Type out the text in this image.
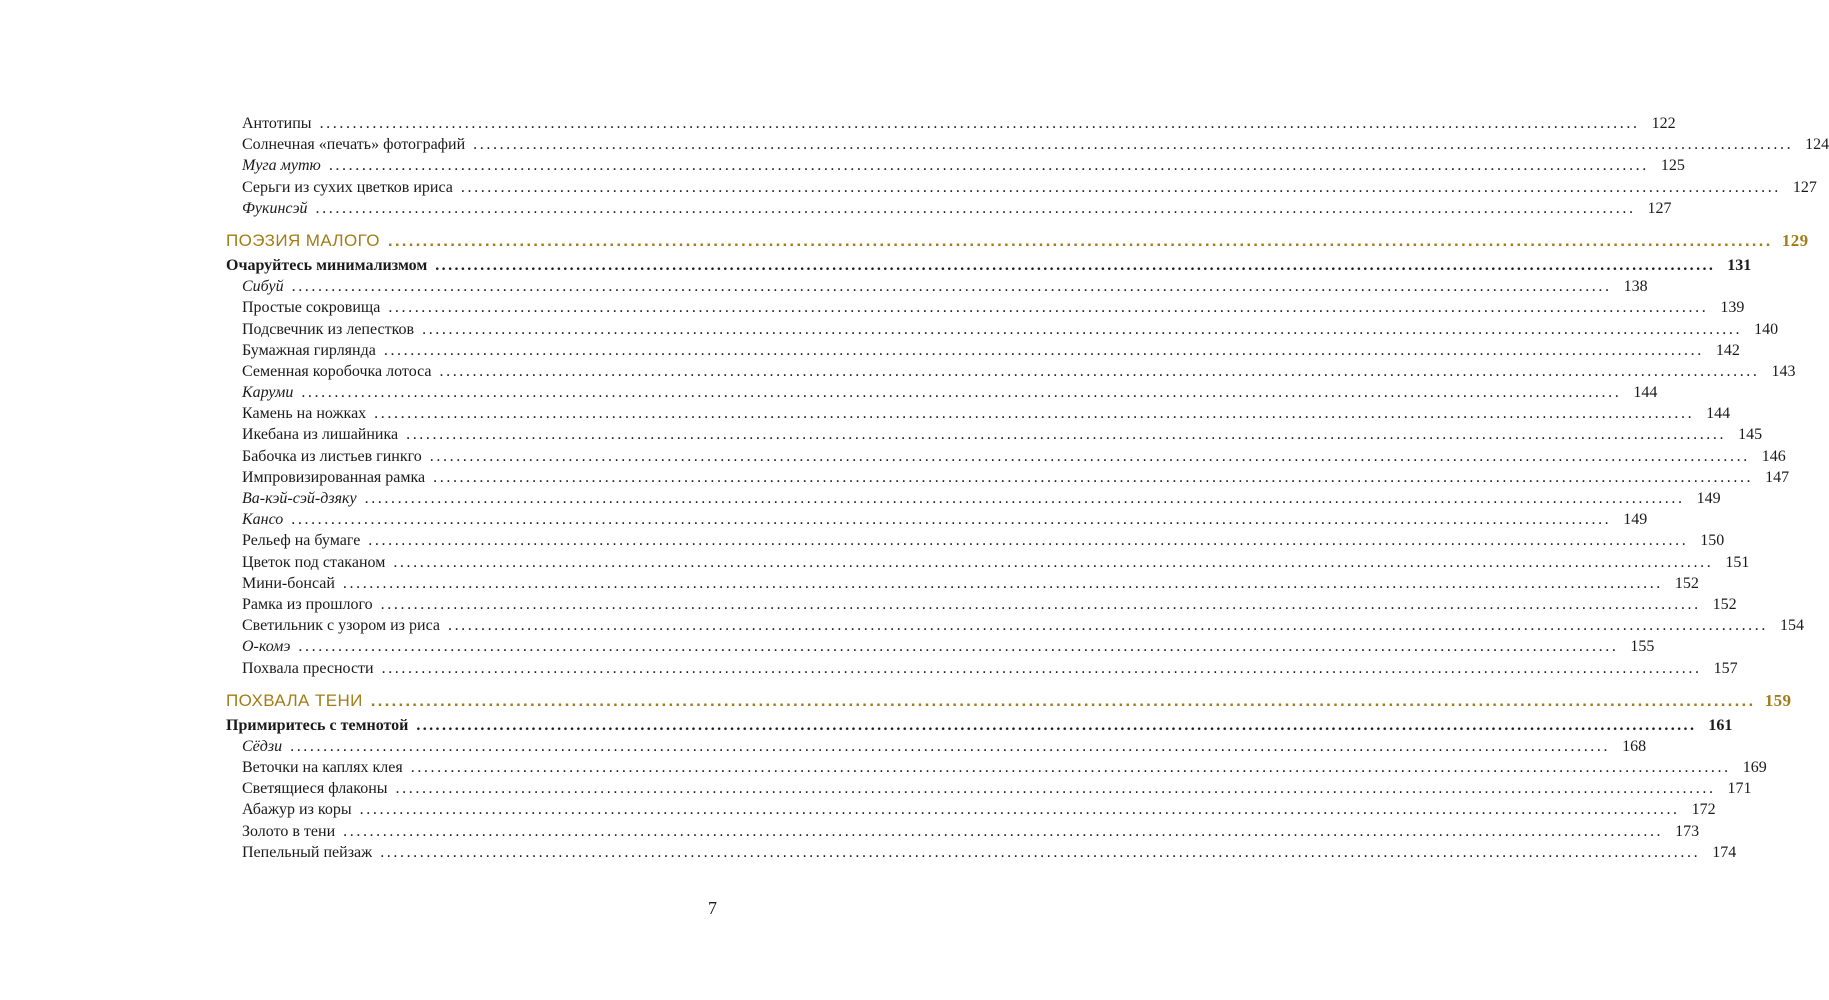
Антотипы ........................................................................................................................................................................................................ 122
Солнечная «печать» фотографий ........................................................................................................................................................................................................ 124
Муга мутю ........................................................................................................................................................................................................ 125
Серьги из сухих цветков ириса ........................................................................................................................................................................................................ 127
Фукинсэй ........................................................................................................................................................................................................ 127
ПОЭЗИЯ МАЛОГО ........................................................................................................................................................................................................ 129
Очаруйтесь минимализмом ........................................................................................................................................................................................................ 131
Сибуй ........................................................................................................................................................................................................ 138
Простые сокровища ........................................................................................................................................................................................................ 139
Подсвечник из лепестков ........................................................................................................................................................................................................ 140
Бумажная гирлянда ........................................................................................................................................................................................................ 142
Семенная коробочка лотоса ........................................................................................................................................................................................................ 143
Каруми ........................................................................................................................................................................................................ 144
Камень на ножках ........................................................................................................................................................................................................ 144
Икебана из лишайника ........................................................................................................................................................................................................ 145
Бабочка из листьев гинкго ........................................................................................................................................................................................................ 146
Импровизированная рамка ........................................................................................................................................................................................................ 147
Ва-кэй-сэй-дзяку ........................................................................................................................................................................................................ 149
Кансо ........................................................................................................................................................................................................ 149
Рельеф на бумаге ........................................................................................................................................................................................................ 150
Цветок под стаканом ........................................................................................................................................................................................................ 151
Мини-бонсай ........................................................................................................................................................................................................ 152
Рамка из прошлого ........................................................................................................................................................................................................ 152
Светильник с узором из риса ........................................................................................................................................................................................................ 154
О-комэ ........................................................................................................................................................................................................ 155
Похвала пресности ........................................................................................................................................................................................................ 157
ПОХВАЛА ТЕНИ ........................................................................................................................................................................................................ 159
Примиритесь с темнотой ........................................................................................................................................................................................................ 161
Сёдзи ........................................................................................................................................................................................................ 168
Веточки на каплях клея ........................................................................................................................................................................................................ 169
Светящиеся флаконы ........................................................................................................................................................................................................ 171
Абажур из коры ........................................................................................................................................................................................................ 172
Золото в тени ........................................................................................................................................................................................................ 173
Пепельный пейзаж ........................................................................................................................................................................................................ 174
7
